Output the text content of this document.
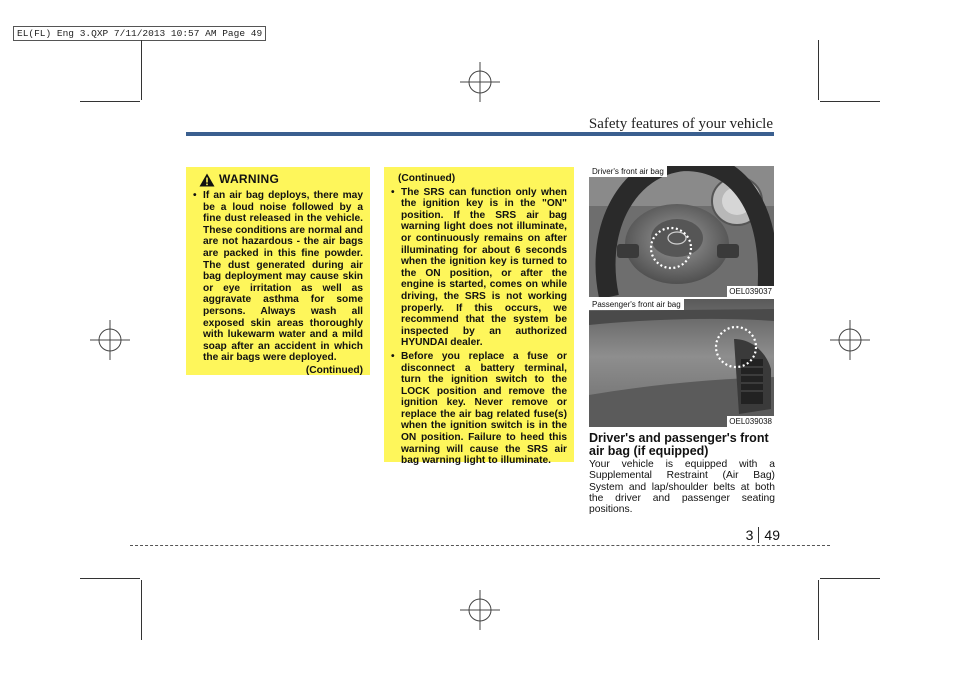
EL(FL) Eng 3.QXP 7/11/2013 10:57 AM Page 49
Safety features of your vehicle
WARNING
• If an air bag deploys, there may be a loud noise followed by a fine dust released in the vehicle. These conditions are normal and are not hazardous - the air bags are packed in this fine powder. The dust generated during air bag deployment may cause skin or eye irritation as well as aggravate asthma for some persons. Always wash all exposed skin areas thoroughly with lukewarm water and a mild soap after an accident in which the air bags were deployed.
(Continued)
(Continued)
• The SRS can function only when the ignition key is in the "ON" position. If the SRS air bag warning light does not illuminate, or continuously remains on after illuminating for about 6 seconds when the ignition key is turned to the ON position, or after the engine is started, comes on while driving, the SRS is not working properly. If this occurs, we recommend that the system be inspected by an authorized HYUNDAI dealer.
• Before you replace a fuse or disconnect a battery terminal, turn the ignition switch to the LOCK position and remove the ignition key. Never remove or replace the air bag related fuse(s) when the ignition switch is in the ON position. Failure to heed this warning will cause the SRS air bag warning light to illuminate.
Driver's front air bag
OEL039037
Passenger's front air bag
OEL039038
Driver's and passenger's front air bag (if equipped)
Your vehicle is equipped with a Supplemental Restraint (Air Bag) System and lap/shoulder belts at both the driver and passenger seating positions.
3 49
